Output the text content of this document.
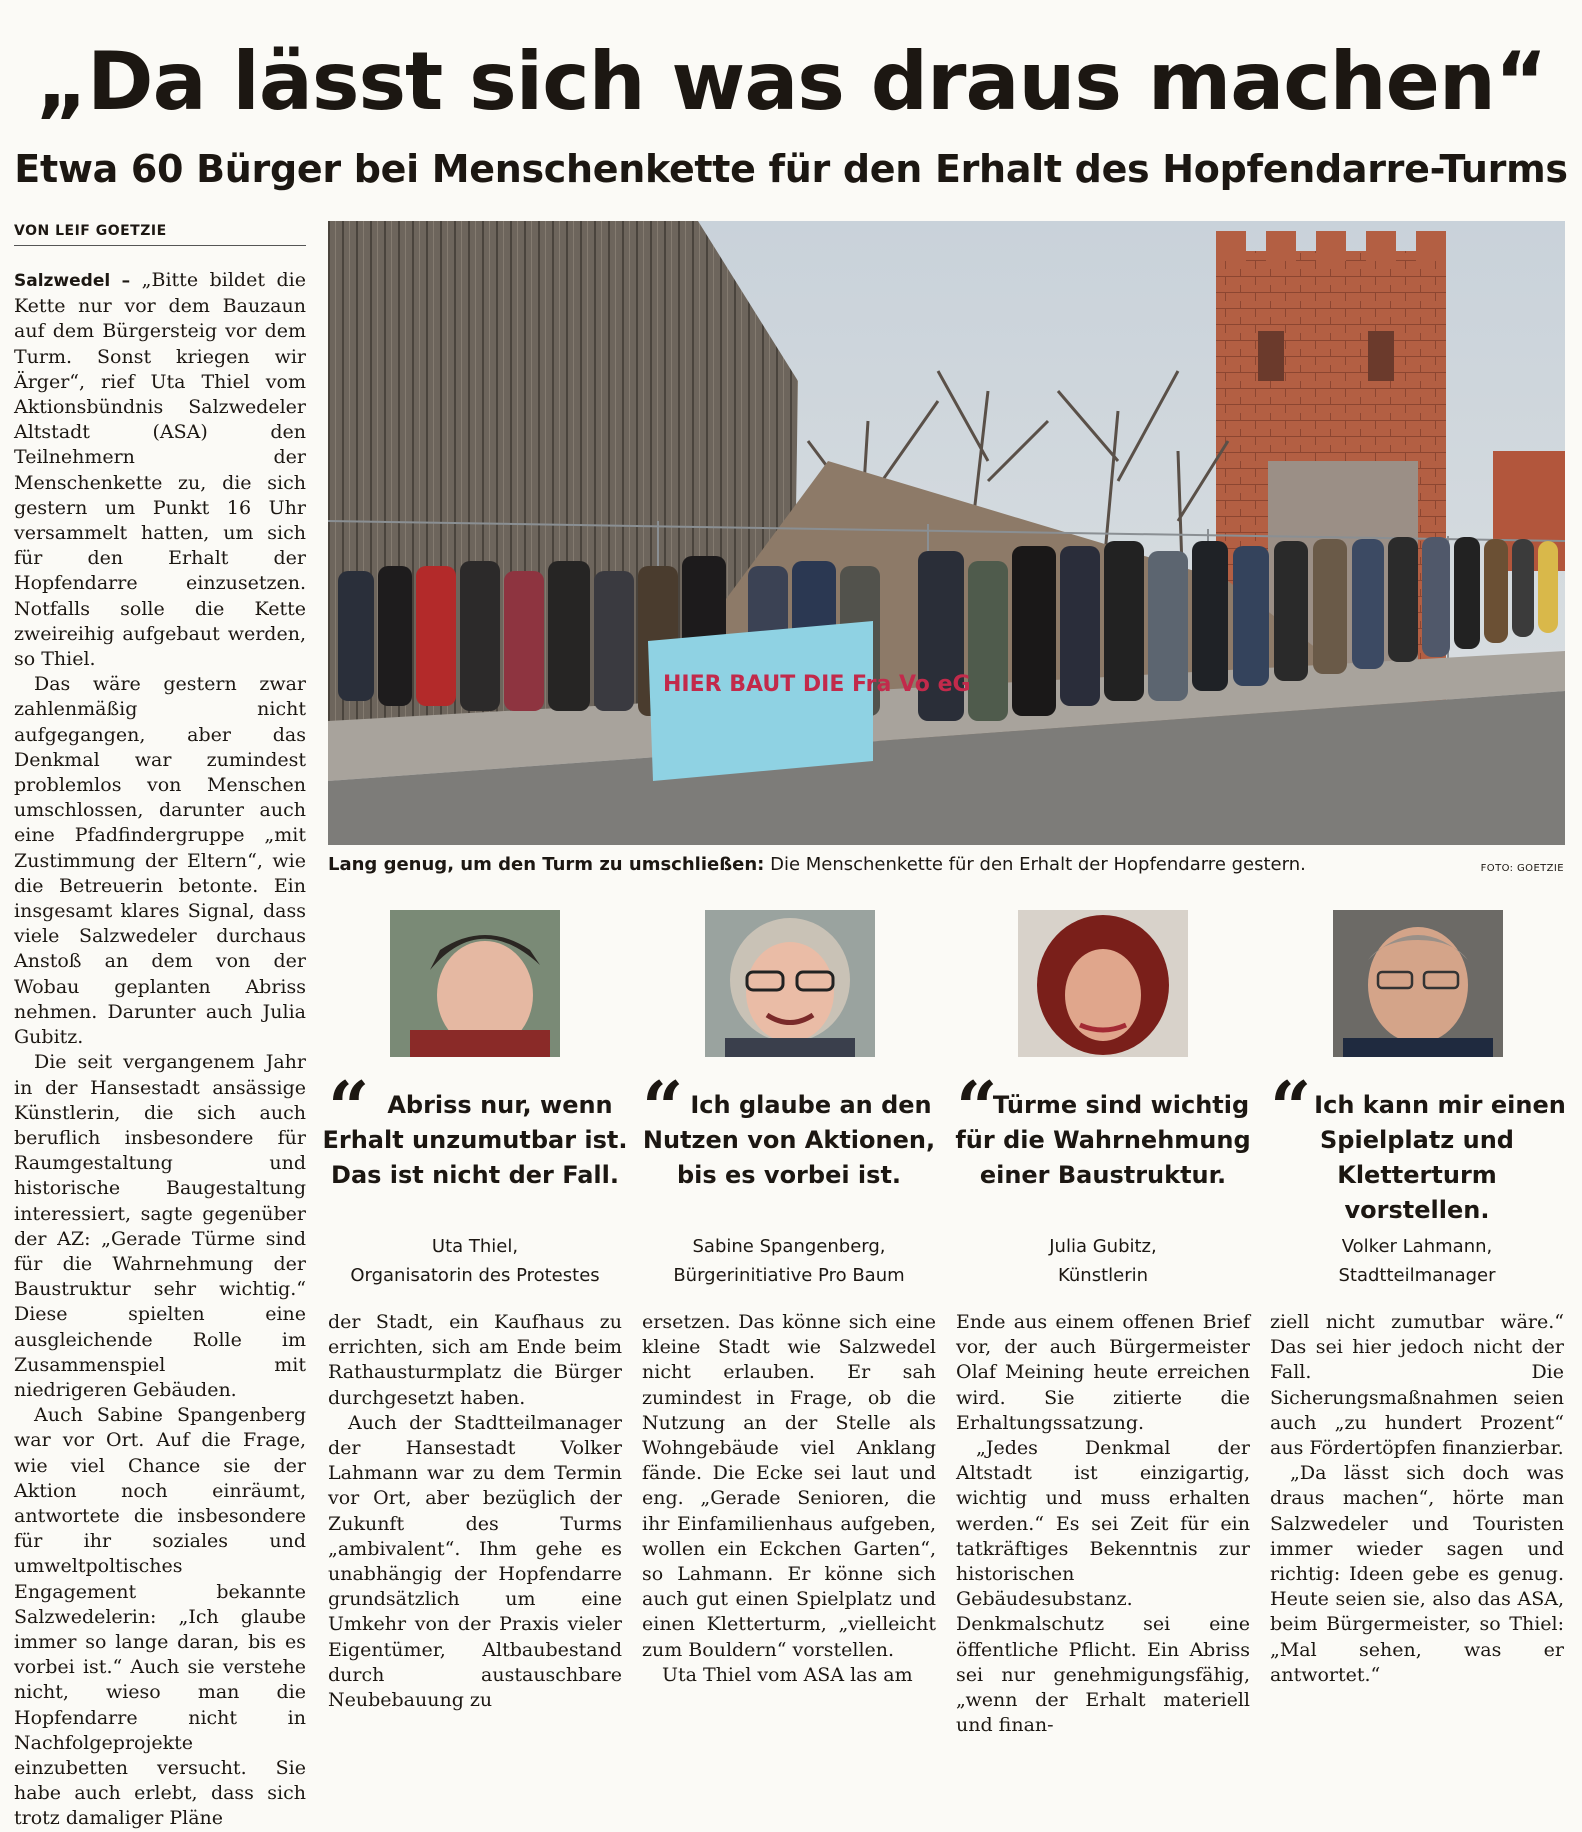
„Da lässt sich was draus machen“
Etwa 60 Bürger bei Menschenkette für den Erhalt des Hopfendarre-Turms
VON LEIF GOETZIE

Salzwedel – „Bitte bildet die Kette nur vor dem Bauzaun auf dem Bürgersteig vor dem Turm. Sonst kriegen wir Ärger“, rief Uta Thiel vom Aktionsbündnis Salzwedeler Altstadt (ASA) den Teilnehmern der Menschenkette zu, die sich gestern um Punkt 16 Uhr versammelt hatten, um sich für den Erhalt der Hopfendarre einzusetzen. Notfalls solle die Kette zweireihig aufgebaut werden, so Thiel.

Das wäre gestern zwar zahlenmäßig nicht aufgegangen, aber das Denkmal war zumindest problemlos von Menschen umschlossen, darunter auch eine Pfadfindergruppe „mit Zustimmung der Eltern“, wie die Betreuerin betonte. Ein insgesamt klares Signal, dass viele Salzwedeler durchaus Anstoß an dem von der Wobau geplanten Abriss nehmen. Darunter auch Julia Gubitz.

Die seit vergangenem Jahr in der Hansestadt ansässige Künstlerin, die sich auch beruflich insbesondere für Raumgestaltung und historische Baugestaltung interessiert, sagte gegenüber der AZ: „Gerade Türme sind für die Wahrnehmung der Baustruktur sehr wichtig.“ Diese spielten eine ausgleichende Rolle im Zusammenspiel mit niedrigeren Gebäuden.

Auch Sabine Spangenberg war vor Ort. Auf die Frage, wie viel Chance sie der Aktion noch einräumt, antwortete die insbesondere für ihr soziales und umweltpoltisches Engagement bekannte Salzwedelerin: „Ich glaube immer so lange daran, bis es vorbei ist.“ Auch sie verstehe nicht, wieso man die Hopfendarre nicht in Nachfolgeprojekte einzubetten versucht. Sie habe auch erlebt, dass sich trotz damaliger Pläne

HIER BAUT DIE Fra Vo eG
Lang genug, um den Turm zu umschließen: Die Menschenkette für den Erhalt der Hopfendarre gestern.	FOTO: GOETZIE
“	“	“	“
Abriss nur, wenn Erhalt unzumutbar ist. Das ist nicht der Fall.
Ich glaube an den Nutzen von Aktionen, bis es vorbei ist.
Türme sind wichtig für die Wahrnehmung einer Baustruktur.
Ich kann mir einen Spielplatz und Kletterturm vorstellen.
Uta Thiel,
Organisatorin des Protestes
Sabine Spangenberg,
Bürgerinitiative Pro Baum
Julia Gubitz,
Künstlerin
Volker Lahmann,
Stadtteilmanager

der Stadt, ein Kaufhaus zu errichten, sich am Ende beim Rathausturmplatz die Bürger durchgesetzt haben.

Auch der Stadtteilmanager der Hansestadt Volker Lahmann war zu dem Termin vor Ort, aber bezüglich der Zukunft des Turms „ambivalent“. Ihm gehe es unabhängig der Hopfendarre grundsätzlich um eine Umkehr von der Praxis vieler Eigentümer, Altbaubestand durch austauschbare Neubebauung zu

ersetzen. Das könne sich eine kleine Stadt wie Salzwedel nicht erlauben. Er sah zumindest in Frage, ob die Nutzung an der Stelle als Wohngebäude viel Anklang fände. Die Ecke sei laut und eng. „Gerade Senioren, die ihr Einfamilienhaus aufgeben, wollen ein Eckchen Garten“, so Lahmann. Er könne sich auch gut einen Spielplatz und einen Kletterturm, „vielleicht zum Bouldern“ vorstellen.

Uta Thiel vom ASA las am

Ende aus einem offenen Brief vor, der auch Bürgermeister Olaf Meining heute erreichen wird. Sie zitierte die Erhaltungssatzung.

„Jedes Denkmal der Altstadt ist einzigartig, wichtig und muss erhalten werden.“ Es sei Zeit für ein tatkräftiges Bekenntnis zur historischen Gebäudesubstanz. Denkmalschutz sei eine öffentliche Pflicht. Ein Abriss sei nur genehmigungsfähig, „wenn der Erhalt materiell und finan-

ziell nicht zumutbar wäre.“ Das sei hier jedoch nicht der Fall. Die Sicherungsmaßnahmen seien auch „zu hundert Prozent“ aus Fördertöpfen finanzierbar.

„Da lässt sich doch was draus machen“, hörte man Salzwedeler und Touristen immer wieder sagen und richtig: Ideen gebe es genug. Heute seien sie, also das ASA, beim Bürgermeister, so Thiel: „Mal sehen, was er antwortet.“
